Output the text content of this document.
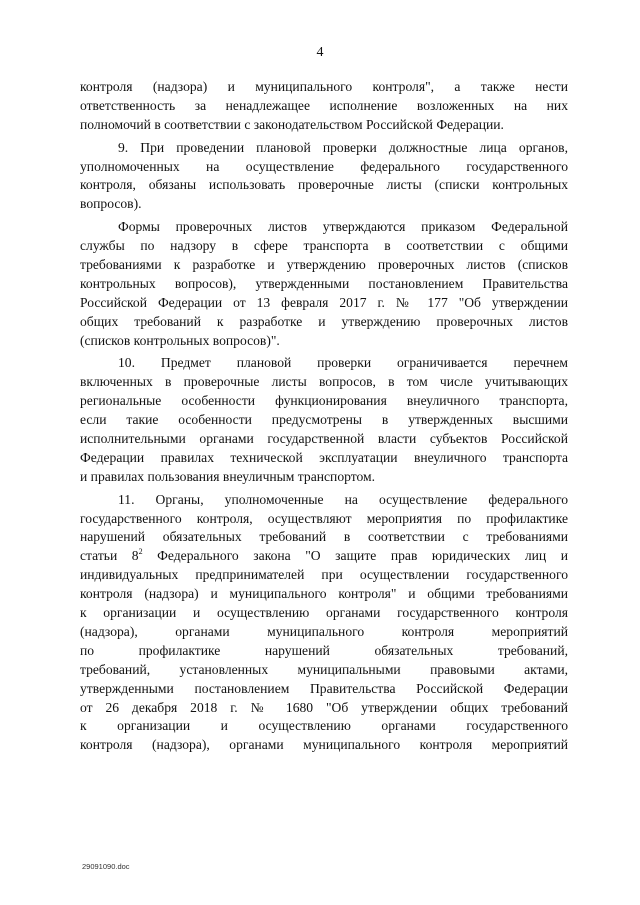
4
контроля (надзора) и муниципального контроля", а также нести
ответственность за ненадлежащее исполнение возложенных на них
полномочий в соответствии с законодательством Российской Федерации.
9. При проведении плановой проверки должностные лица органов,
уполномоченных на осуществление федерального государственного
контроля, обязаны использовать проверочные листы (списки контрольных
вопросов).
Формы проверочных листов утверждаются приказом Федеральной
службы по надзору в сфере транспорта в соответствии с общими
требованиями к разработке и утверждению проверочных листов (списков
контрольных вопросов), утвержденными постановлением Правительства
Российской Федерации от 13 февраля 2017 г. № 177 "Об утверждении
общих требований к разработке и утверждению проверочных листов
(списков контрольных вопросов)".
10. Предмет плановой проверки ограничивается перечнем
включенных в проверочные листы вопросов, в том числе учитывающих
региональные особенности функционирования внеуличного транспорта,
если такие особенности предусмотрены в утвержденных высшими
исполнительными органами государственной власти субъектов Российской
Федерации правилах технической эксплуатации внеуличного транспорта
и правилах пользования внеуличным транспортом.
11. Органы, уполномоченные на осуществление федерального
государственного контроля, осуществляют мероприятия по профилактике
нарушений обязательных требований в соответствии с требованиями
статьи $8^2$ Федерального закона "О защите прав юридических лиц и
индивидуальных предпринимателей при осуществлении государственного
контроля (надзора) и муниципального контроля" и общими требованиями
к организации и осуществлению органами государственного контроля
(надзора), органами муниципального контроля мероприятий
по профилактике нарушений обязательных требований,
требований, установленных муниципальными правовыми актами,
утвержденными постановлением Правительства Российской Федерации
от 26 декабря 2018 г. № 1680 "Об утверждении общих требований
к организации и осуществлению органами государственного
контроля (надзора), органами муниципального контроля мероприятий
29091090.doc
